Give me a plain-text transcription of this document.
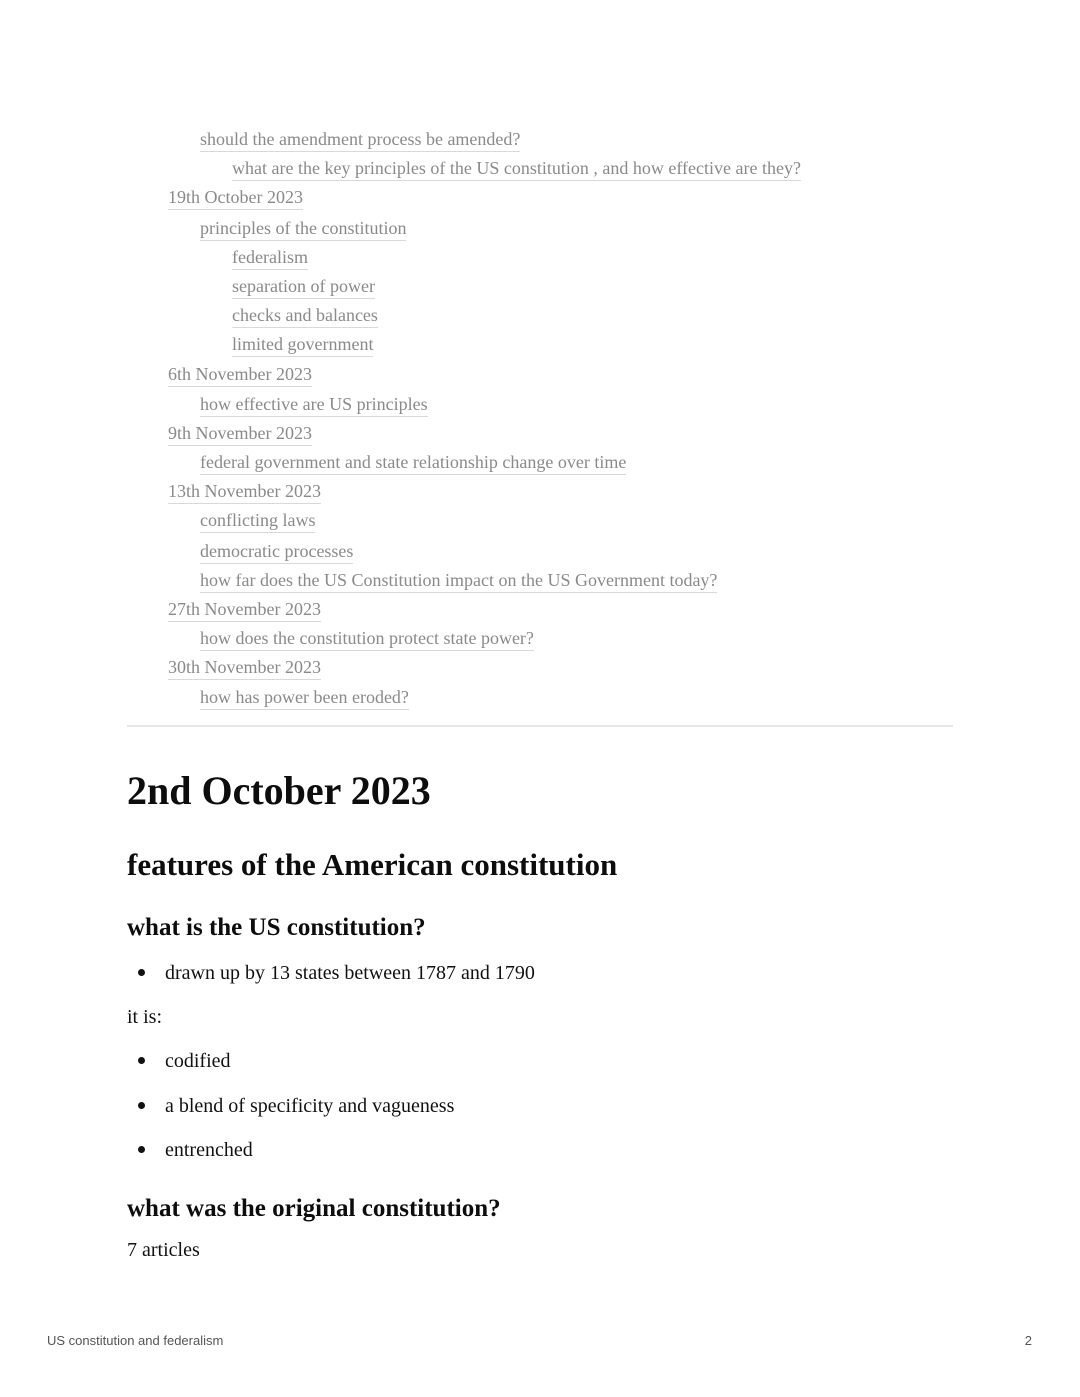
should the amendment process be amended?
what are the key principles of the US constitution , and how effective are they?
19th October 2023
principles of the constitution
federalism
separation of power
checks and balances
limited government
6th November 2023
how effective are US principles
9th November 2023
federal government and state relationship change over time
13th November 2023
conflicting laws
democratic processes
how far does the US Constitution impact on the US Government today?
27th November 2023
how does the constitution protect state power?
30th November 2023
how has power been eroded?
2nd October 2023
features of the American constitution
what is the US constitution?
drawn up by 13 states between 1787 and 1790

it is:

codified
a blend of specificity and vagueness
entrenched
what was the original constitution?

7 articles

US constitution and federalism	2
